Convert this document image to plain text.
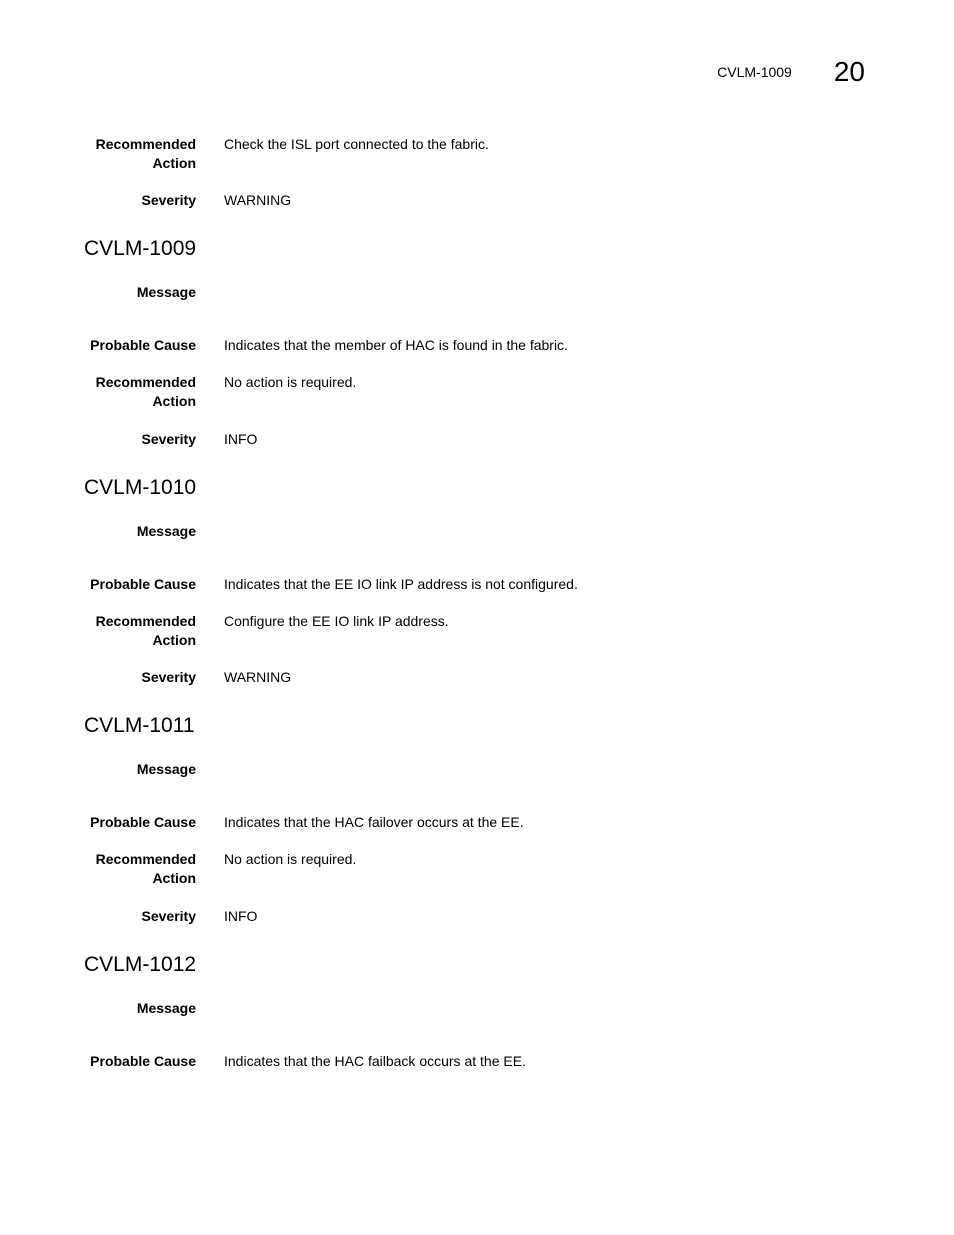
CVLM-1009 20
Recommended Action
Check the ISL port connected to the fabric.
Severity WARNING
CVLM-1009
Message
Probable Cause Indicates that the member of HAC is found in the fabric.
Recommended Action
No action is required.
Severity INFO
CVLM-1010
Message
Probable Cause Indicates that the EE IO link IP address is not configured.
Recommended Action
Configure the EE IO link IP address.
Severity WARNING
CVLM-1011
Message
Probable Cause Indicates that the HAC failover occurs at the EE.
Recommended Action
No action is required.
Severity INFO
CVLM-1012
Message
Probable Cause Indicates that the HAC failback occurs at the EE.
